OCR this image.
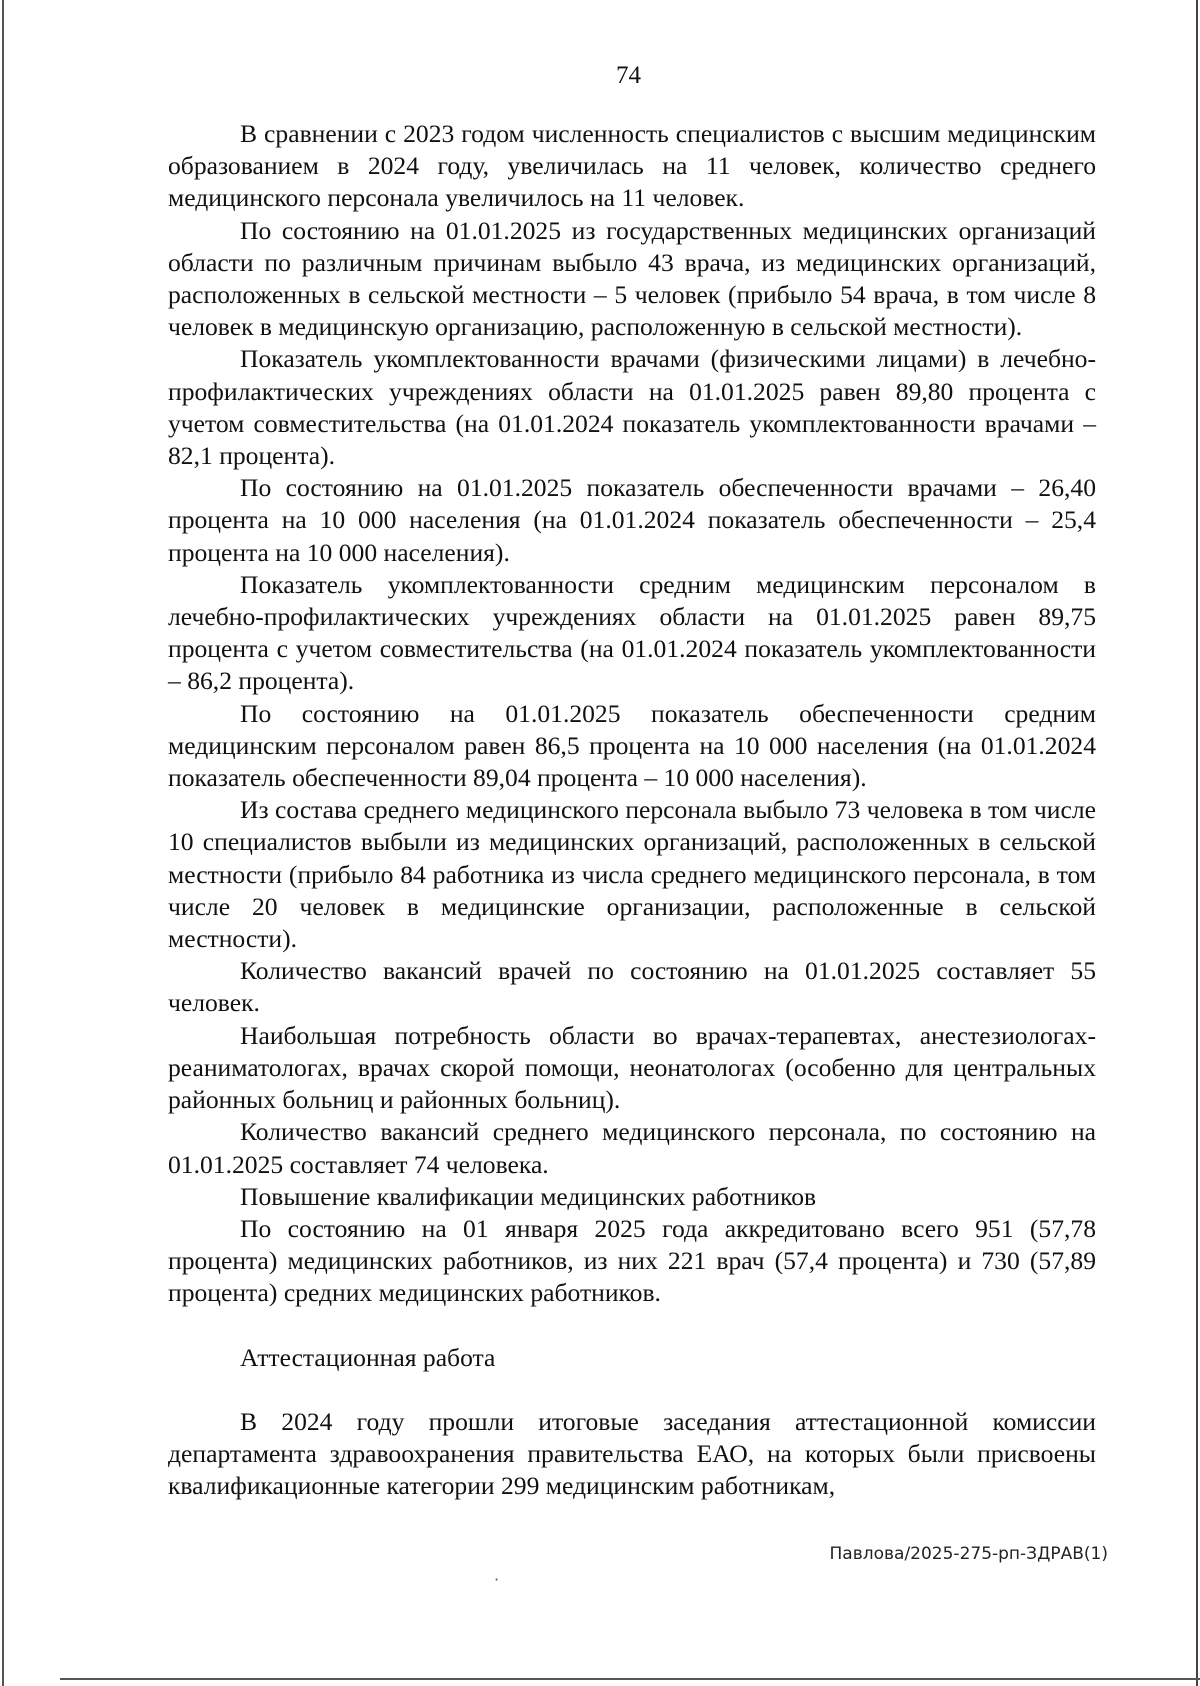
74

В сравнении с 2023 годом численность специалистов с высшим медицинским образованием в 2024 году, увеличилась на 11 человек, количество среднего медицинского персонала увеличилось на 11 человек.

По состоянию на 01.01.2025 из государственных медицинских организаций области по различным причинам выбыло 43 врача, из медицинских организаций, расположенных в сельской местности – 5 человек (прибыло 54 врача, в том числе 8 человек в медицинскую организацию, расположенную в сельской местности).

Показатель укомплектованности врачами (физическими лицами) в лечебно-профилактических учреждениях области на 01.01.2025 равен 89,80 процента с учетом совместительства (на 01.01.2024 показатель укомплектованности врачами – 82,1 процента).

По состоянию на 01.01.2025 показатель обеспеченности врачами – 26,40 процента на 10 000 населения (на 01.01.2024 показатель обеспеченности – 25,4 процента на 10 000 населения).

Показатель укомплектованности средним медицинским персоналом в лечебно-профилактических учреждениях области на 01.01.2025 равен 89,75 процента с учетом совместительства (на 01.01.2024 показатель укомплектованности – 86,2 процента).

По состоянию на 01.01.2025 показатель обеспеченности средним медицинским персоналом равен 86,5 процента на 10 000 населения (на 01.01.2024 показатель обеспеченности 89,04 процента – 10 000 населения).

Из состава среднего медицинского персонала выбыло 73 человека в том числе 10 специалистов выбыли из медицинских организаций, расположенных в сельской местности (прибыло 84 работника из числа среднего медицинского персонала, в том числе 20 человек в медицинские организации, расположенные в сельской местности).

Количество вакансий врачей по состоянию на 01.01.2025 составляет 55 человек.

Наибольшая потребность области во врачах-терапевтах, анестезиологах-реаниматологах, врачах скорой помощи, неонатологах (особенно для центральных районных больниц и районных больниц).

Количество вакансий среднего медицинского персонала, по состоянию на 01.01.2025 составляет 74 человека.

Повышение квалификации медицинских работников

По состоянию на 01 января 2025 года аккредитовано всего 951 (57,78 процента) медицинских работников, из них 221 врач (57,4 процента) и 730 (57,89 процента) средних медицинских работников.

Аттестационная работа

В 2024 году прошли итоговые заседания аттестационной комиссии департамента здравоохранения правительства ЕАО, на которых были присвоены квалификационные категории 299 медицинским работникам,

Павлова/2025-275-рп-ЗДРАВ(1)
·
